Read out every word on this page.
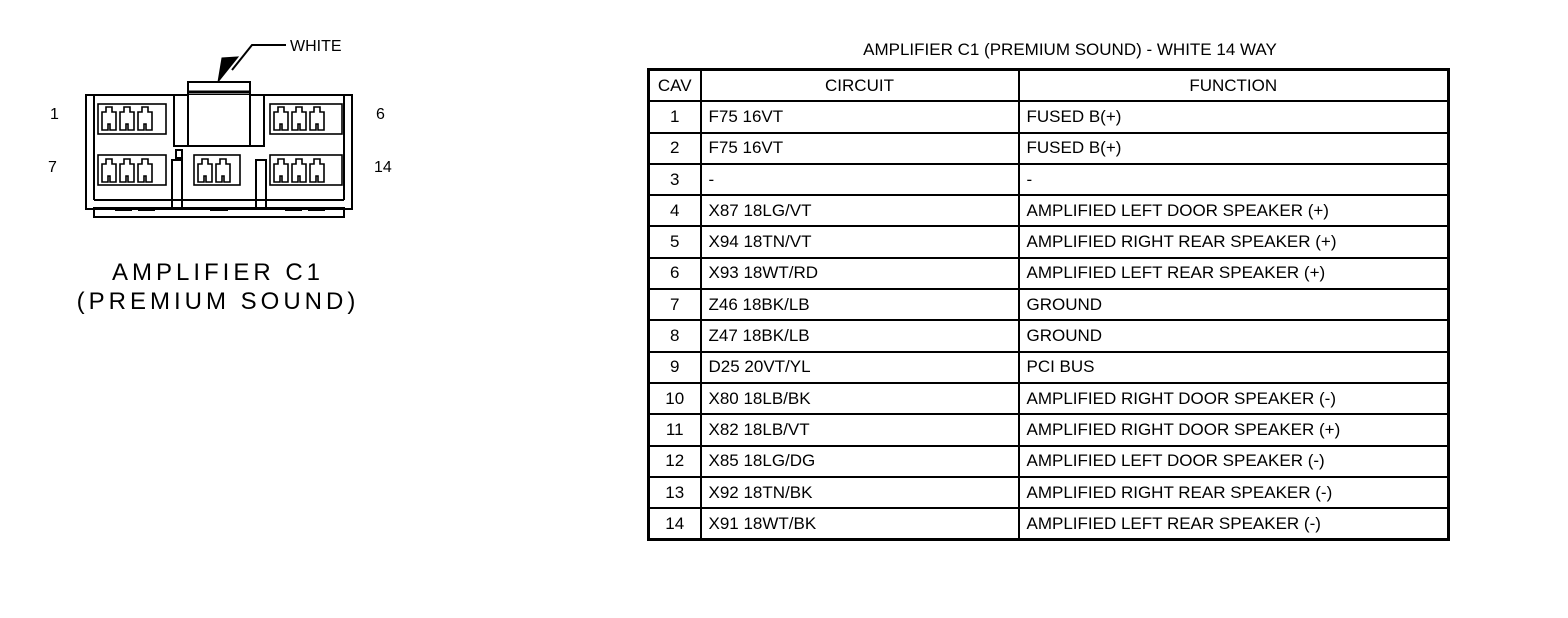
WHITE
1	6
7	14
AMPLIFIER C1
(PREMIUM SOUND)
AMPLIFIER C1 (PREMIUM SOUND) - WHITE 14 WAY
CAV	CIRCUIT	FUNCTION
1	F75 16VT	FUSED B(+)
2	F75 16VT	FUSED B(+)
3	-	-
4	X87 18LG/VT	AMPLIFIED LEFT DOOR SPEAKER (+)
5	X94 18TN/VT	AMPLIFIED RIGHT REAR SPEAKER (+)
6	X93 18WT/RD	AMPLIFIED LEFT REAR SPEAKER (+)
7	Z46 18BK/LB	GROUND
8	Z47 18BK/LB	GROUND
9	D25 20VT/YL	PCI BUS
10	X80 18LB/BK	AMPLIFIED RIGHT DOOR SPEAKER (-)
11	X82 18LB/VT	AMPLIFIED RIGHT DOOR SPEAKER (+)
12	X85 18LG/DG	AMPLIFIED LEFT DOOR SPEAKER (-)
13	X92 18TN/BK	AMPLIFIED RIGHT REAR SPEAKER (-)
14	X91 18WT/BK	AMPLIFIED LEFT REAR SPEAKER (-)
